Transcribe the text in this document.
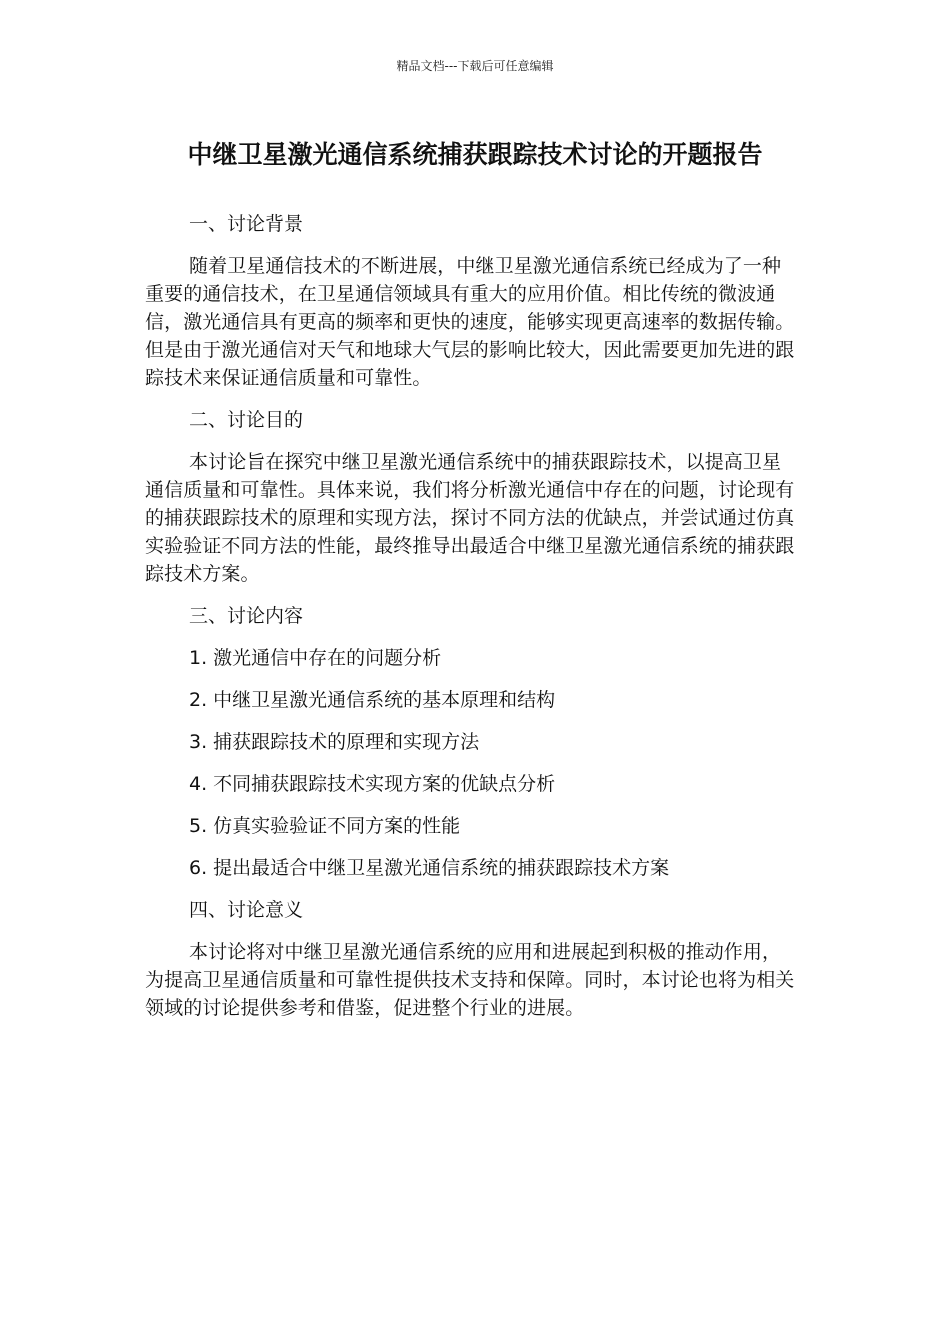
精品文档---下载后可任意编辑
中继卫星激光通信系统捕获跟踪技术讨论的开题报告
一、讨论背景

随着卫星通信技术的不断进展，中继卫星激光通信系统已经成为了一种重要的通信技术，在卫星通信领域具有重大的应用价值。相比传统的微波通信，激光通信具有更高的频率和更快的速度，能够实现更高速率的数据传输。但是由于激光通信对天气和地球大气层的影响比较大，因此需要更加先进的跟踪技术来保证通信质量和可靠性。

二、讨论目的

本讨论旨在探究中继卫星激光通信系统中的捕获跟踪技术，以提高卫星通信质量和可靠性。具体来说，我们将分析激光通信中存在的问题，讨论现有的捕获跟踪技术的原理和实现方法，探讨不同方法的优缺点，并尝试通过仿真实验验证不同方法的性能，最终推导出最适合中继卫星激光通信系统的捕获跟踪技术方案。

三、讨论内容
1. 激光通信中存在的问题分析
2. 中继卫星激光通信系统的基本原理和结构
3. 捕获跟踪技术的原理和实现方法
4. 不同捕获跟踪技术实现方案的优缺点分析
5. 仿真实验验证不同方案的性能
6. 提出最适合中继卫星激光通信系统的捕获跟踪技术方案
四、讨论意义

本讨论将对中继卫星激光通信系统的应用和进展起到积极的推动作用，为提高卫星通信质量和可靠性提供技术支持和保障。同时，本讨论也将为相关领域的讨论提供参考和借鉴，促进整个行业的进展。
